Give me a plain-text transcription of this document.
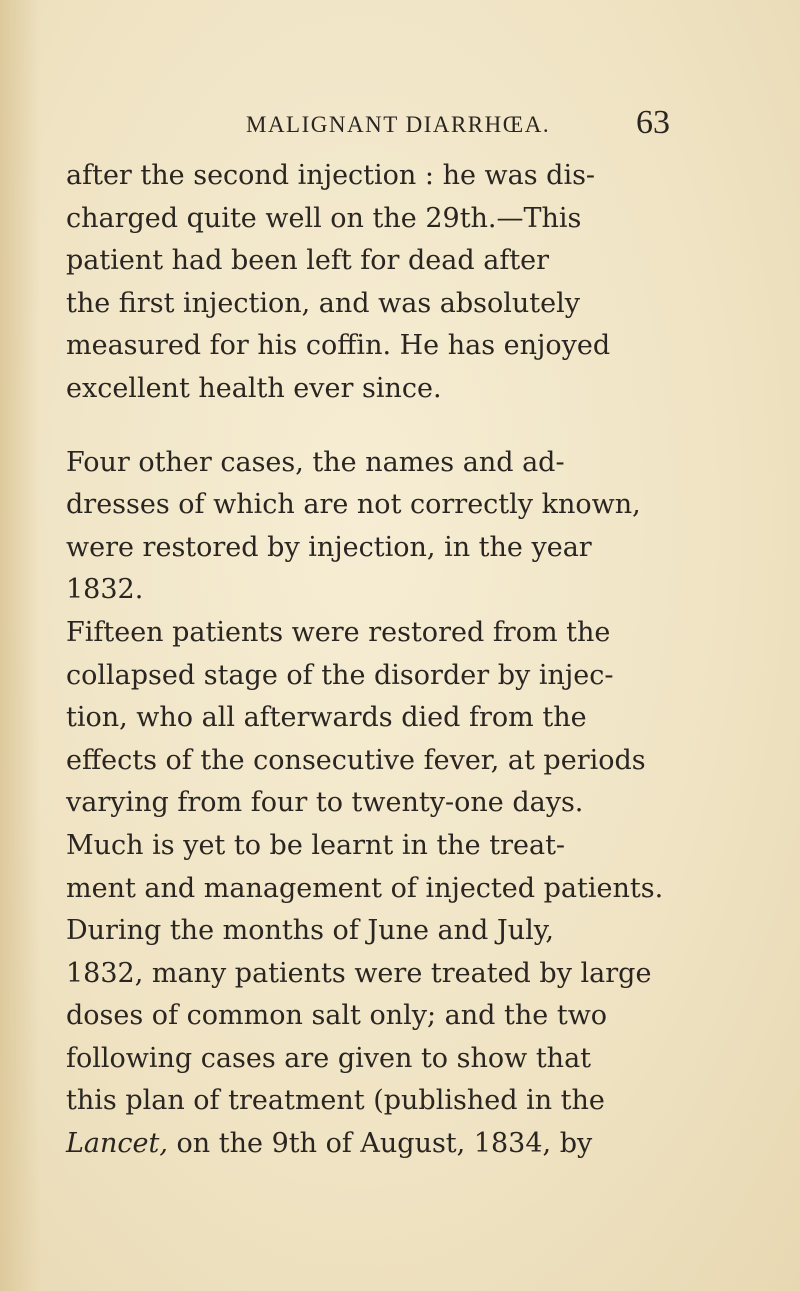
MALIGNANT DIARRHŒA.	63
after the second injection : he was dis-
charged quite well on the 29th.—This
patient had been left for dead after
the first injection, and was absolutely
measured for his coffin. He has enjoyed
excellent health ever since.
Four other cases, the names and ad-
dresses of which are not correctly known,
were restored by injection, in the year
1832.
Fifteen patients were restored from the
collapsed stage of the disorder by injec-
tion, who all afterwards died from the
effects of the consecutive fever, at periods
varying from four to twenty-one days.
Much is yet to be learnt in the treat-
ment and management of injected patients.
During the months of June and July,
1832, many patients were treated by large
doses of common salt only; and the two
following cases are given to show that
this plan of treatment (published in the
Lancet, on the 9th of August, 1834, by
